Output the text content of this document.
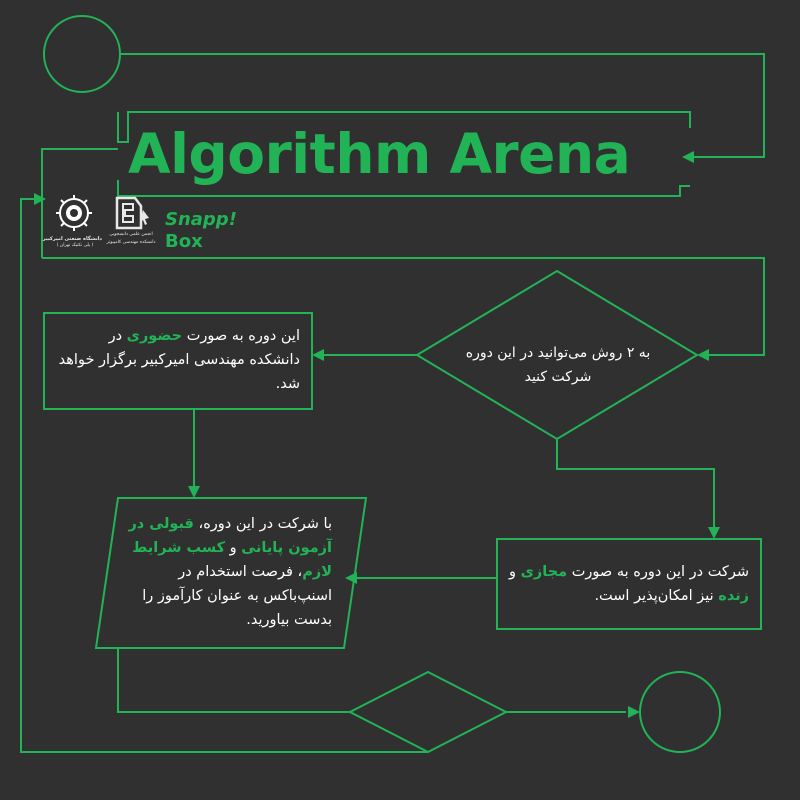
Algorithm Arena
دانشگاه صنعتی امیرکبیر
( پلی تکنیک تهران )
انجمن علمی دانشجویی
دانشکده مهندسی کامپیوتر
Snapp!
Box
به ۲ روش می‌توانید در این دوره شرکت کنید
این دوره به صورت حضوری در دانشکده مهندسی امیرکبیر برگزار خواهد شد.
شرکت در این دوره به صورت مجازی و زنده نیز امکان‌پذیر است.
با شرکت در این دوره، قبولی در آزمون پایانی و کسب شرایط لازم، فرصت استخدام در اسنپ‌باکس به عنوان کارآموز را بدست بیاورید.
